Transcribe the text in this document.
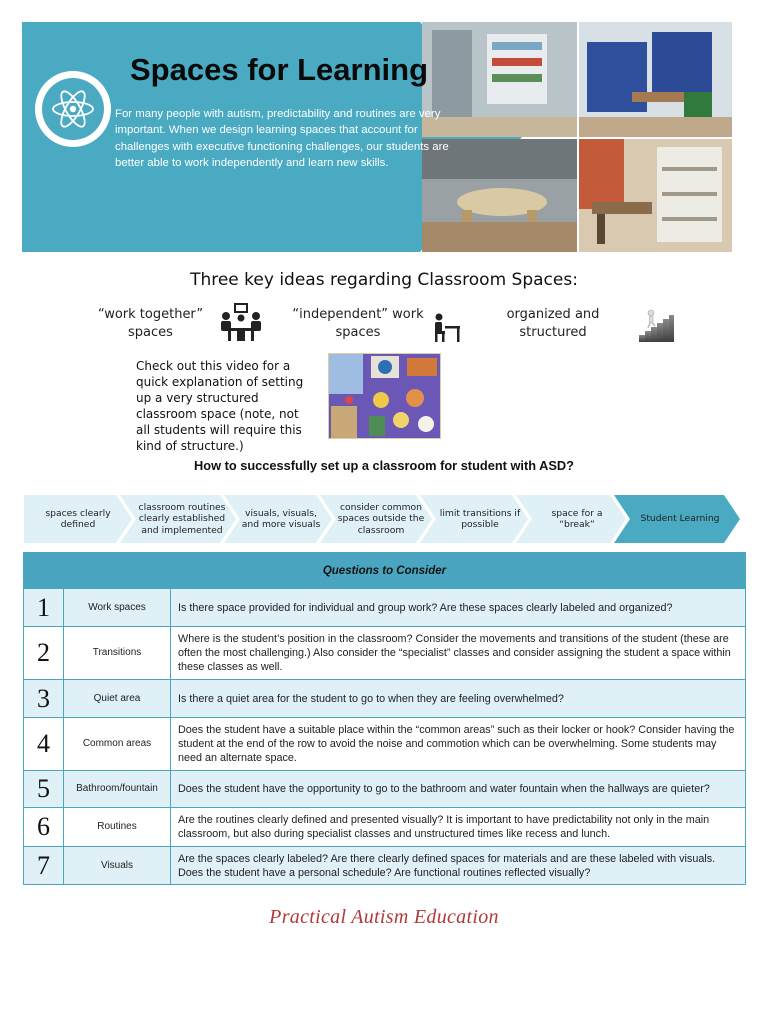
Spaces for Learning
For many people with autism, predictability and routines are very important. When we design learning spaces that account for challenges with executive functioning challenges, our students are better able to work independently and learn new skills.
Three key ideas regarding Classroom Spaces:
“work together” spaces
“independent” work spaces
organized and structured
Check out this video for a quick explanation of setting up a very structured classroom space (note, not all students will require this kind of structure.)
How to successfully set up a classroom for student with ASD?
spaces clearly defined
classroom routines clearly established and implemented
visuals, visuals, and more visuals
consider common spaces outside the classroom
limit transitions if possible
space for a “break”
Student Learning
Questions to Consider		
1	Work spaces	Is there space provided for individual and group work? Are these spaces clearly labeled and organized?
2	Transitions	Where is the student’s position in the classroom? Consider the movements and transitions of the student (these are often the most challenging.) Also consider the “specialist” classes and consider assigning the student a space within these classes as well.
3	Quiet area	Is there a quiet area for the student to go to when they are feeling overwhelmed?
4	Common areas	Does the student have a suitable place within the “common areas” such as their locker or hook? Consider having the student at the end of the row to avoid the noise and commotion which can be overwhelming. Some students may need an alternate space.
5	Bathroom/fountain	Does the student have the opportunity to go to the bathroom and water fountain when the hallways are quieter?
6	Routines	Are the routines clearly defined and presented visually? It is important to have predictability not only in the main classroom, but also during specialist classes and unstructured times like recess and lunch.
7	Visuals	Are the spaces clearly labeled? Are there clearly defined spaces for materials and are these labeled with visuals. Does the student have a personal schedule? Are functional routines reflected visually?
Practical Autism Education
